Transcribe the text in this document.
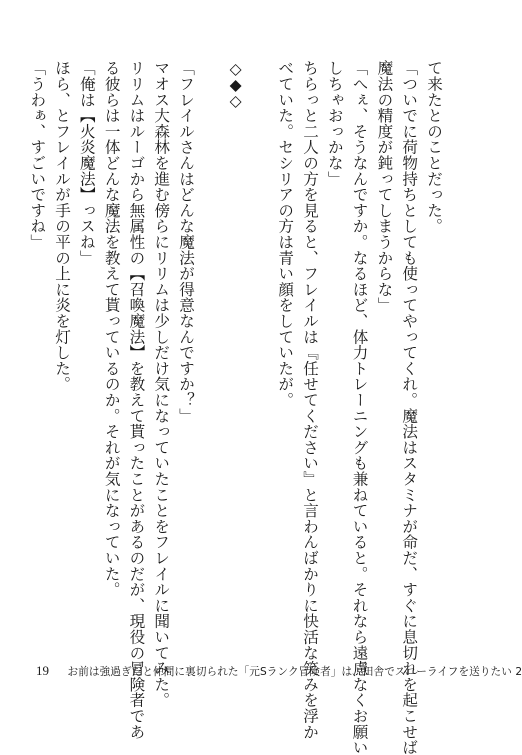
て来たとのことだった。
「ついでに荷物持ちとしても使ってやってくれ。魔法はスタミナが命だ、すぐに息切れを起こせば
魔法の精度が鈍ってしまうからな」
「へぇ、そうなんですか。なるほど、体力トレーニングも兼ねていると。それなら遠慮なくお願い
しちゃおっかな」
ちらっと二人の方を見ると、フレイルは『任せてください』と言わんばかりに快活な笑みを浮か
べていた。セシリアの方は青い顔をしていたが。
◇◆◇
「フレイルさんはどんな魔法が得意なんですか？」
マオス大森林を進む傍らにリリムは少しだけ気になっていたことをフレイルに聞いてみた。
リリムはルーゴから無属性の【召喚魔法】を教えて貰ったことがあるのだが、現役の冒険者であ
る彼らは一体どんな魔法を教えて貰っているのか。それが気になっていた。
「俺は【火炎魔法】っスね」
ほら、とフレイルが手の平の上に炎を灯した。
「うわぁ、すごいですね」
19 お前は強過ぎだと仲間に裏切られた「元Sランク冒険者」は、田舎でスローライフを送りたい 2
